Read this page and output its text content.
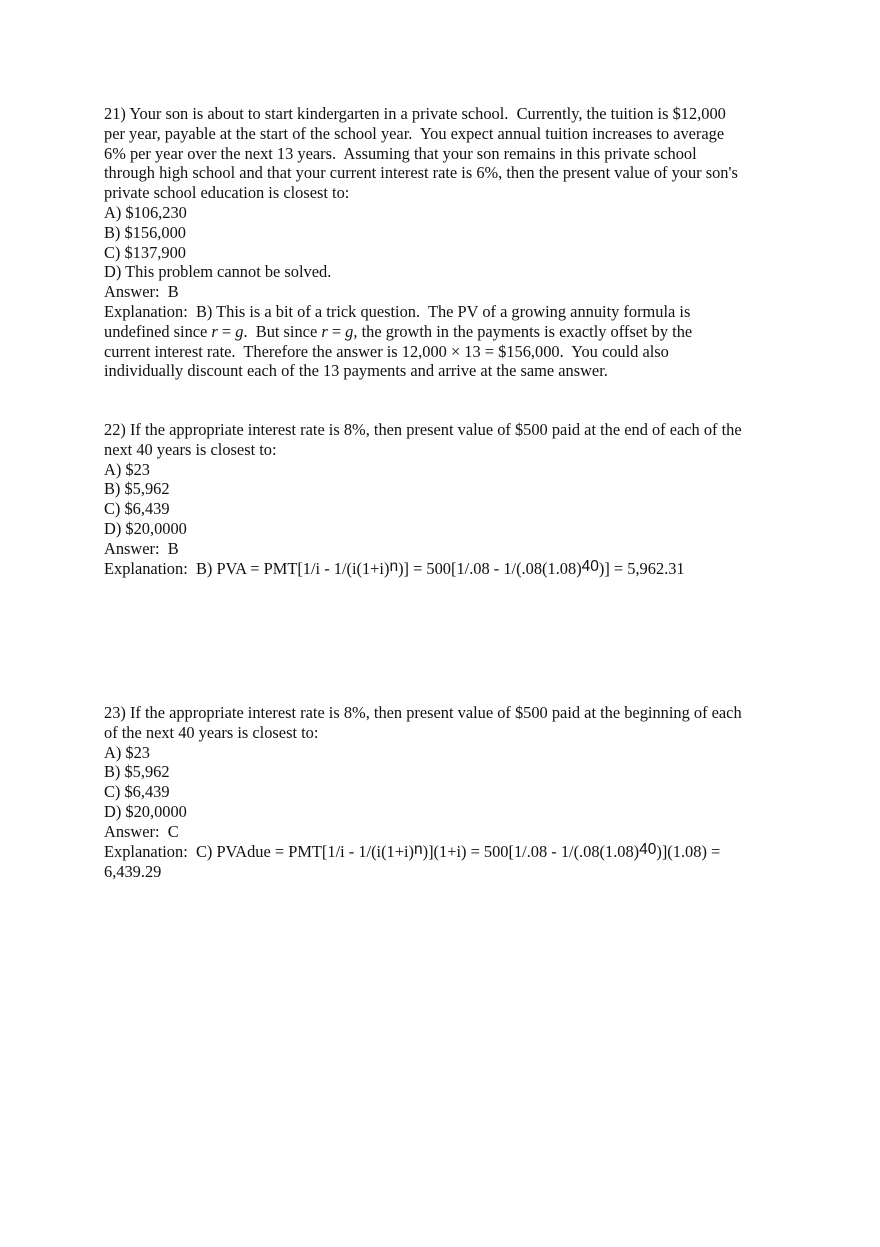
21) Your son is about to start kindergarten in a private school.  Currently, the tuition is $12,000
per year, payable at the start of the school year.  You expect annual tuition increases to average
6% per year over the next 13 years.  Assuming that your son remains in this private school
through high school and that your current interest rate is 6%, then the present value of your son's
private school education is closest to:
A) $106,230
B) $156,000
C) $137,900
D) This problem cannot be solved.
Answer:  B
Explanation:  B) This is a bit of a trick question.  The PV of a growing annuity formula is
undefined since r = g.  But since r = g, the growth in the payments is exactly offset by the
current interest rate.  Therefore the answer is 12,000 × 13 = $156,000.  You could also
individually discount each of the 13 payments and arrive at the same answer.
22) If the appropriate interest rate is 8%, then present value of $500 paid at the end of each of the
next 40 years is closest to:
A) $23
B) $5,962
C) $6,439
D) $20,0000
Answer:  B
Explanation:  B) PVA = PMT[1/i - 1/(i(1+i)n)] = 500[1/.08 - 1/(.08(1.08)40)] = 5,962.31
23) If the appropriate interest rate is 8%, then present value of $500 paid at the beginning of each
of the next 40 years is closest to:
A) $23
B) $5,962
C) $6,439
D) $20,0000
Answer:  C
Explanation:  C) PVAdue = PMT[1/i - 1/(i(1+i)n)](1+i) = 500[1/.08 - 1/(.08(1.08)40)](1.08) =
6,439.29
